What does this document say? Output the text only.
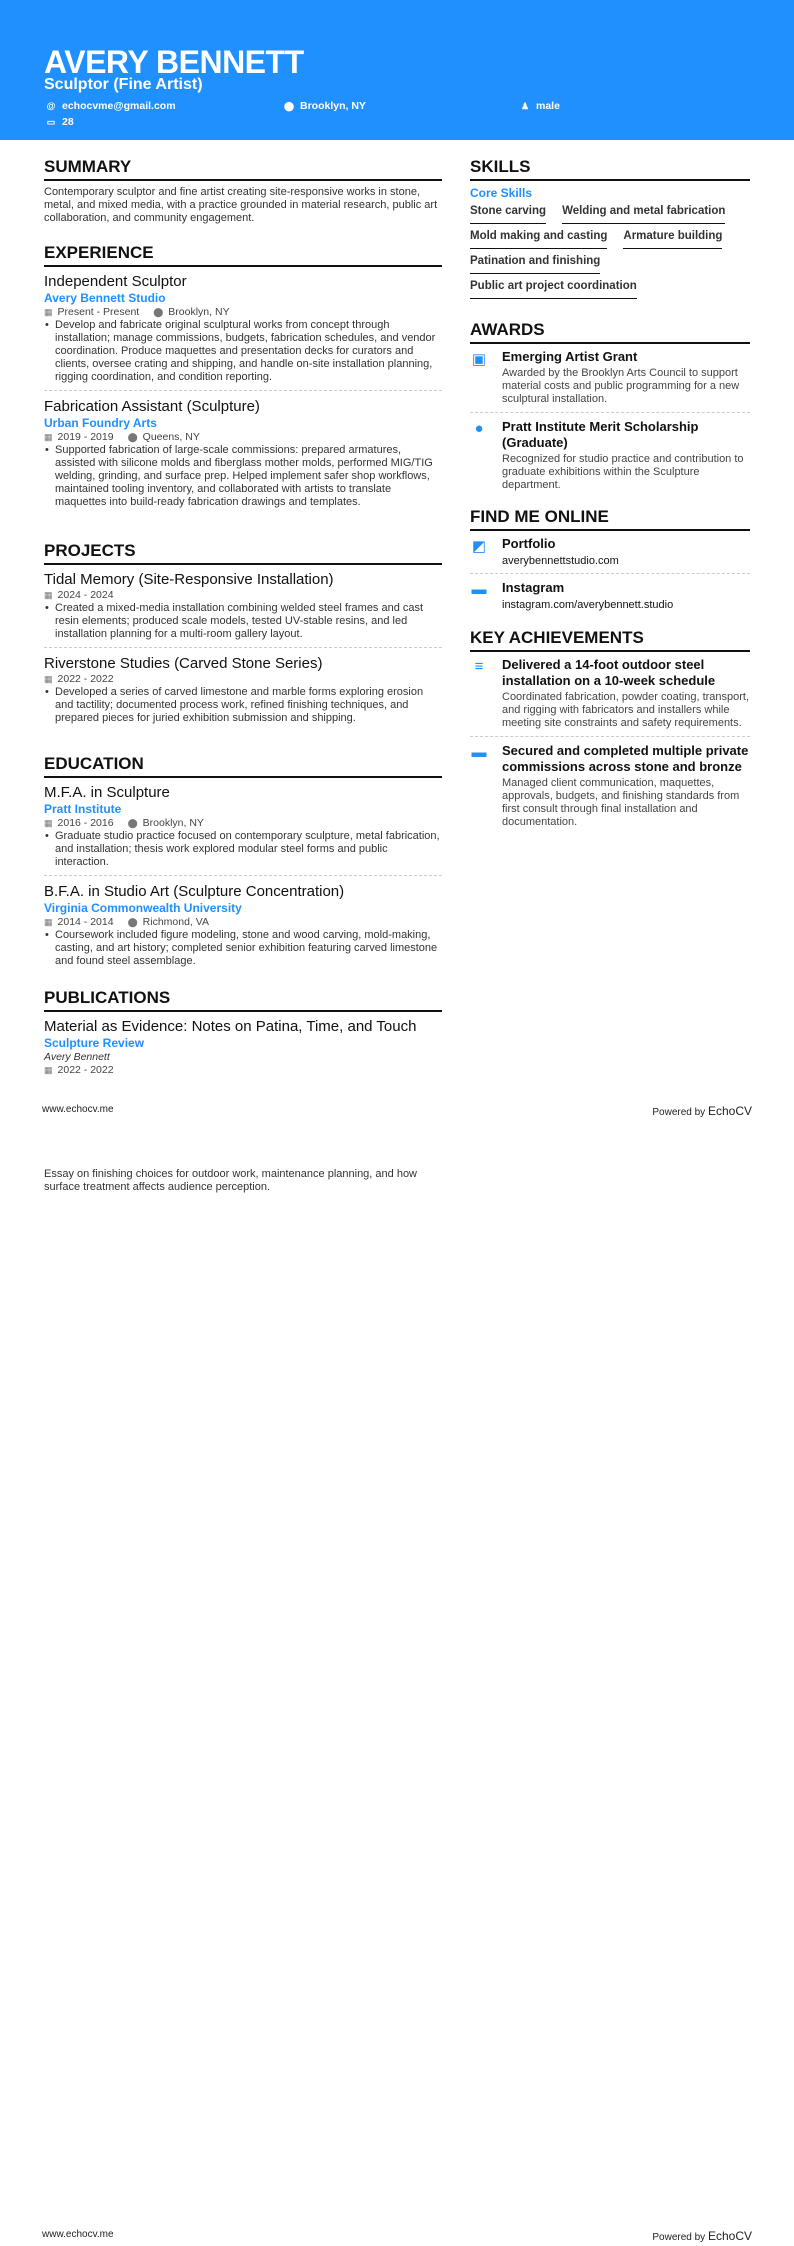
AVERY BENNETT
Sculptor (Fine Artist)
@ echocvme@gmail.com	⬤ Brooklyn, NY	♟ male
▭ 28
SUMMARY
Contemporary sculptor and fine artist creating site-responsive works in stone, metal, and mixed media, with a practice grounded in material research, public art collaboration, and community engagement.
EXPERIENCE
Independent Sculptor
Avery Bennett Studio
▦ Present - Present ⬤ Brooklyn, NY
• Develop and fabricate original sculptural works from concept through installation; manage commissions, budgets, fabrication schedules, and vendor coordination. Produce maquettes and presentation decks for curators and clients, oversee crating and shipping, and handle on-site installation planning, rigging coordination, and condition reporting.
Fabrication Assistant (Sculpture)
Urban Foundry Arts
▦ 2019 - 2019 ⬤ Queens, NY
• Supported fabrication of large-scale commissions: prepared armatures, assisted with silicone molds and fiberglass mother molds, performed MIG/TIG welding, grinding, and surface prep. Helped implement safer shop workflows, maintained tooling inventory, and collaborated with artists to translate maquettes into build-ready fabrication drawings and templates.
PROJECTS
Tidal Memory (Site-Responsive Installation)
▦ 2024 - 2024
• Created a mixed-media installation combining welded steel frames and cast resin elements; produced scale models, tested UV-stable resins, and led installation planning for a multi-room gallery layout.
Riverstone Studies (Carved Stone Series)
▦ 2022 - 2022
• Developed a series of carved limestone and marble forms exploring erosion and tactility; documented process work, refined finishing techniques, and prepared pieces for juried exhibition submission and shipping.
EDUCATION
M.F.A. in Sculpture
Pratt Institute
▦ 2016 - 2016 ⬤ Brooklyn, NY
• Graduate studio practice focused on contemporary sculpture, metal fabrication, and installation; thesis work explored modular steel forms and public interaction.
B.F.A. in Studio Art (Sculpture Concentration)
Virginia Commonwealth University
▦ 2014 - 2014 ⬤ Richmond, VA
• Coursework included figure modeling, stone and wood carving, mold-making, casting, and art history; completed senior exhibition featuring carved limestone and found steel assemblage.
PUBLICATIONS
Material as Evidence: Notes on Patina, Time, and Touch
Sculpture Review
Avery Bennett
▦ 2022 - 2022
Essay on finishing choices for outdoor work, maintenance planning, and how surface treatment affects audience perception.
SKILLS
Core Skills
Stone carving Welding and metal fabrication
Mold making and casting Armature building
Patination and finishing
Public art project coordination
AWARDS
▣ Emerging Artist Grant
Awarded by the Brooklyn Arts Council to support material costs and public programming for a new sculptural installation.
●	Pratt Institute Merit Scholarship (Graduate)
Recognized for studio practice and contribution to graduate exhibitions within the Sculpture department.
FIND ME ONLINE
◩ Portfolio
averybennettstudio.com
▬ Instagram
instagram.com/averybennett.studio
KEY ACHIEVEMENTS
≡	Delivered a 14-foot outdoor steel installation on a 10-week schedule
Coordinated fabrication, powder coating, transport, and rigging with fabricators and installers while meeting site constraints and safety requirements.
▬ Secured and completed multiple private commissions across stone and bronze
Managed client communication, maquettes, approvals, budgets, and finishing standards from first consult through final installation and documentation.
www.echocv.me	Powered by EchoCV
www.echocv.me	Powered by EchoCV
